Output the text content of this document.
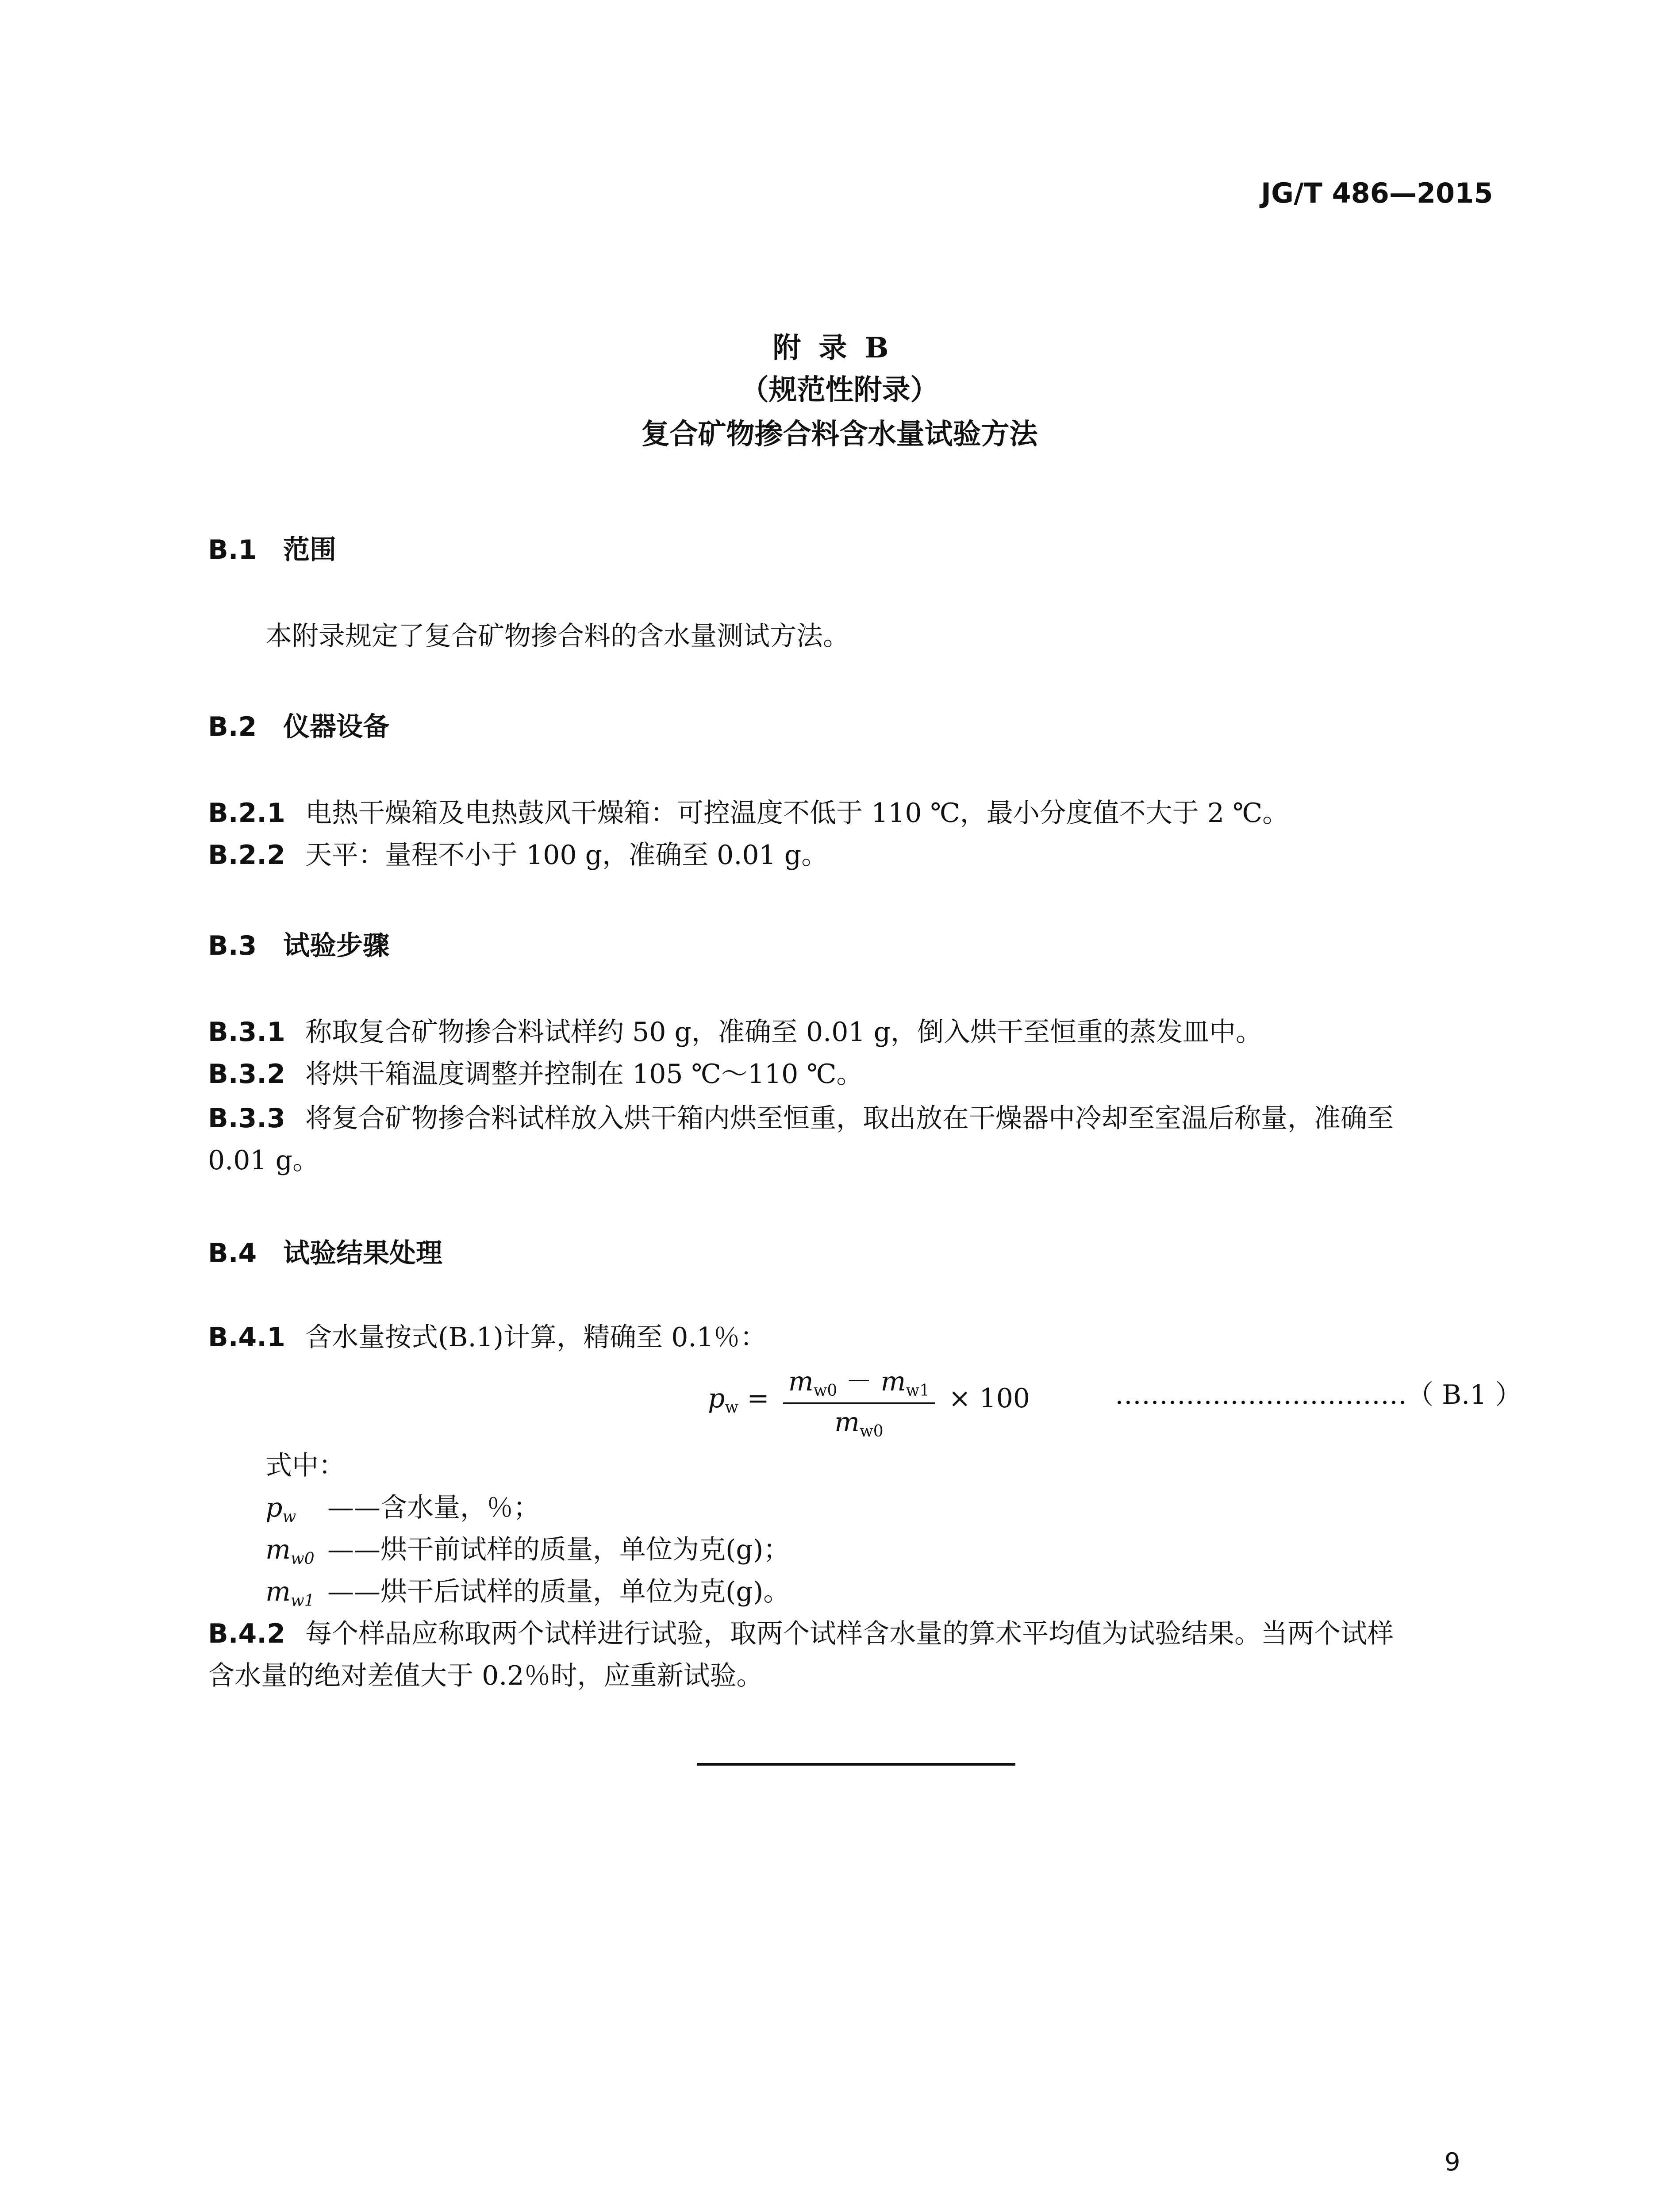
JG/T 486—2015
附录B
（规范性附录）
复合矿物掺合料含水量试验方法
B.1 范围
本附录规定了复合矿物掺合料的含水量测试方法。
B.2 仪器设备
B.2.1 电热干燥箱及电热鼓风干燥箱：可控温度不低于 110 ℃，最小分度值不大于 2 ℃。
B.2.2 天平：量程不小于 100 g，准确至 0.01 g。
B.3 试验步骤
B.3.1 称取复合矿物掺合料试样约 50 g，准确至 0.01 g，倒入烘干至恒重的蒸发皿中。
B.3.2 将烘干箱温度调整并控制在 105 ℃～110 ℃。
B.3.3 将复合矿物掺合料试样放入烘干箱内烘至恒重，取出放在干燥器中冷却至室温后称量，准确至
0.01 g。
B.4 试验结果处理
B.4.1 含水量按式(B.1)计算，精确至 0.1％：
$p_w = \frac{m_{w0} - m_{w1}}{m_{w0}} \times 100$	……………………………（ B.1 ）
式中：
$p_w$ ——含水量，％；
$m_{w0}$ ——烘干前试样的质量，单位为克(g)；
$m_{w1}$ ——烘干后试样的质量，单位为克(g)。
B.4.2 每个样品应称取两个试样进行试验，取两个试样含水量的算术平均值为试验结果。当两个试样
含水量的绝对差值大于 0.2％时，应重新试验。
9
